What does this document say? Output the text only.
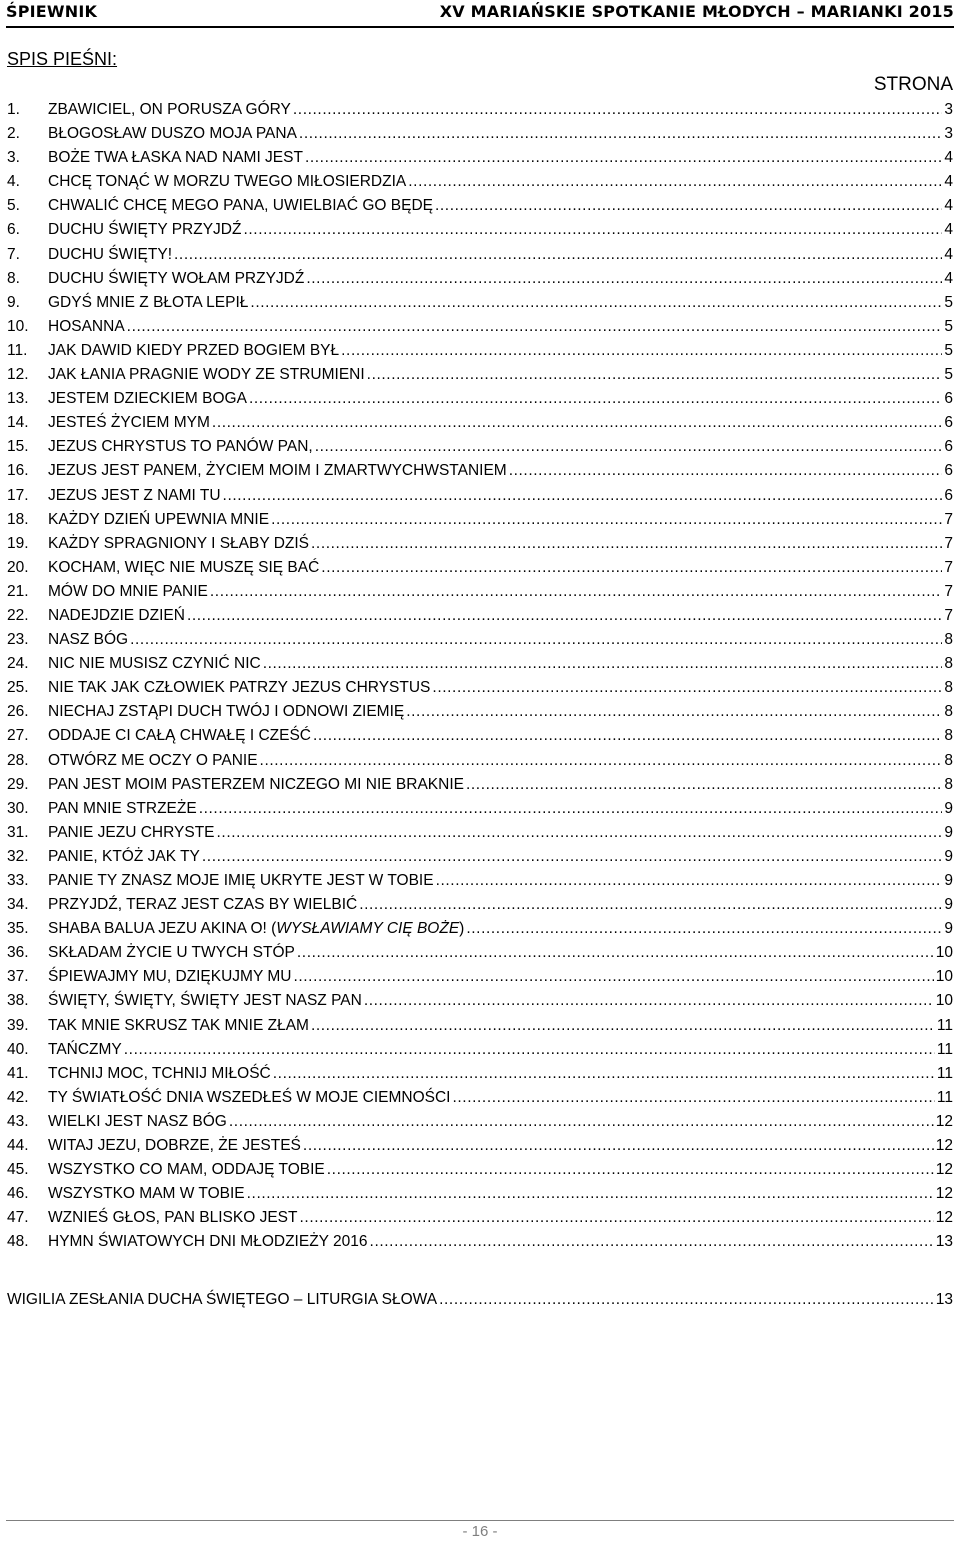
ŚPIEWNIK	XV MARIAŃSKIE SPOTKANIE MŁODYCH – MARIANKI 2015
SPIS PIEŚNI:
STRONA
1.	ZBAWICIEL, ON PORUSZA GÓRY .....	3
2.	BŁOGOSŁAW DUSZO MOJA PANA .....	3
3.	BOŻE TWA ŁASKA NAD NAMI JEST .....	4
4.	CHCĘ TONĄĆ W MORZU TWEGO MIŁOSIERDZIA .....	4
5.	CHWALIĆ CHCĘ MEGO PANA, UWIELBIAĆ GO BĘDĘ .....	4
6.	DUCHU ŚWIĘTY PRZYJDŹ .....	4
7.	DUCHU ŚWIĘTY! .....	4
8.	DUCHU ŚWIĘTY WOŁAM PRZYJDŹ .....	4
9.	GDYŚ MNIE Z BŁOTA LEPIŁ .....	5
10.	HOSANNA .....	5
11.	JAK DAWID KIEDY PRZED BOGIEM BYŁ .....	5
12.	JAK ŁANIA PRAGNIE WODY ZE STRUMIENI .....	5
13.	JESTEM DZIECKIEM BOGA .....	6
14.	JESTEŚ ŻYCIEM MYM .....	6
15.	JEZUS CHRYSTUS TO PANÓW PAN, .....	6
16.	JEZUS JEST PANEM, ŻYCIEM MOIM I ZMARTWYCHWSTANIEM .....	6
17.	JEZUS JEST Z NAMI TU .....	6
18.	KAŻDY DZIEŃ UPEWNIA MNIE .....	7
19.	KAŻDY SPRAGNIONY I SŁABY DZIŚ .....	7
20.	KOCHAM, WIĘC NIE MUSZĘ SIĘ BAĆ .....	7
21.	MÓW DO MNIE PANIE .....	7
22.	NADEJDZIE DZIEŃ .....	7
23.	NASZ BÓG .....	8
24.	NIC NIE MUSISZ CZYNIĆ NIC .....	8
25.	NIE TAK JAK CZŁOWIEK PATRZY JEZUS CHRYSTUS .....	8
26.	NIECHAJ ZSTĄPI DUCH TWÓJ I ODNOWI ZIEMIĘ .....	8
27.	ODDAJE CI CAŁĄ CHWAŁĘ I CZEŚĆ .....	8
28.	OTWÓRZ ME OCZY O PANIE .....	8
29.	PAN JEST MOIM PASTERZEM NICZEGO MI NIE BRAKNIE .....	8
30.	PAN MNIE STRZEŻE .....	9
31.	PANIE JEZU CHRYSTE .....	9
32.	PANIE, KTÓŻ JAK TY .....	9
33.	PANIE TY ZNASZ MOJE IMIĘ UKRYTE JEST W TOBIE .....	9
34.	PRZYJDŹ, TERAZ JEST CZAS BY WIELBIĆ .....	9
35.	SHABA BALUA JEZU AKINA O! (WYSŁAWIAMY CIĘ BOŻE) .....	9
36.	SKŁADAM ŻYCIE U TWYCH STÓP .....	10
37.	ŚPIEWAJMY MU, DZIĘKUJMY MU .....	10
38.	ŚWIĘTY, ŚWIĘTY, ŚWIĘTY JEST NASZ PAN .....	10
39.	TAK MNIE SKRUSZ TAK MNIE ZŁAM .....	11
40.	TAŃCZMY .....	11
41.	TCHNIJ MOC, TCHNIJ MIŁOŚĆ .....	11
42.	TY ŚWIATŁOŚĆ DNIA WSZEDŁEŚ W MOJE CIEMNOŚCI .....	11
43.	WIELKI JEST NASZ BÓG .....	12
44.	WITAJ JEZU, DOBRZE, ŻE JESTEŚ .....	12
45.	WSZYSTKO CO MAM, ODDAJĘ TOBIE .....	12
46.	WSZYSTKO MAM W TOBIE .....	12
47.	WZNIEŚ GŁOS, PAN BLISKO JEST .....	12
48.	HYMN ŚWIATOWYCH DNI MŁODZIEŻY 2016 .....	13
WIGILIA ZESŁANIA DUCHA ŚWIĘTEGO – LITURGIA SŁOWA .....	13
- 16 -
